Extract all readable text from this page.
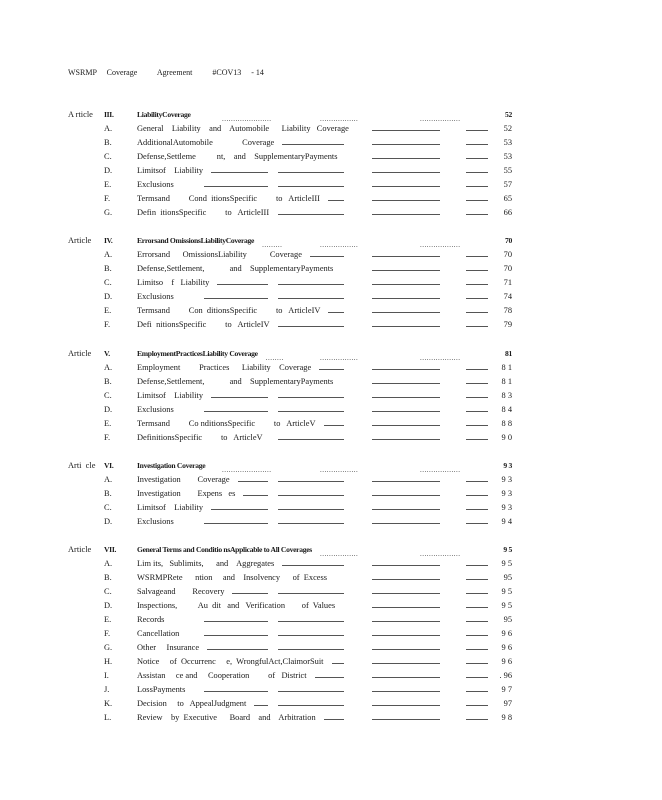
WSRMP     Coverage          Agreement          #COV13     - 14
A rticle III.	LiabilityCoverage	52
......................	.................	..................
A.	General    Liability    and    Automobile      Liability   Coverage	52
B.	AdditionalAutomobile              Coverage	53
C.	Defense,Settleme          nt,    and    SupplementaryPayments	53
D.	Limitsof    Liability	55
E.	Exclusions	57
F.	Termsand         Cond  itionsSpecific         to   ArticleIII	65
G.	Defin  itionsSpecific         to   ArticleIII	66
Article IV.	Errorsand OmissionsLiabilityCoverage	70
.........	.................	..................
A.	Errorsand      OmissionsLiability           Coverage	70
B.	Defense,Settlement,            and    SupplementaryPayments	70
C.	Limitso    f   Liability	71
D.	Exclusions	74
E.	Termsand         Con  ditionsSpecific         to   ArticleIV	78
F.	Defi  nitionsSpecific         to   ArticleIV	79
Article V.	EmploymentPracticesLiability Coverage	81
........	.................	..................
A.	Employment         Practices      Liability    Coverage	8 1
B.	Defense,Settlement,            and    SupplementaryPayments	8 1
C.	Limitsof    Liability	8 3
D.	Exclusions	8 4
E.	Termsand         Co nditionsSpecific         to   ArticleV	8 8
F.	DefinitionsSpecific         to   ArticleV	9 0
Arti  cle VI.	Investigation Coverage	9 3
......................	.................	..................
A.	Investigation        Coverage	9 3
B.	Investigation        Expens   es	9 3
C.	Limitsof    Liability	9 3
D.	Exclusions	9 4
Article VII.	General Terms and Conditio nsApplicable to All Coverages	9 5
.................	..................
A.	Lim its,   Sublimits,      and    Aggregates	9 5
B.	WSRMPRete      ntion     and    Insolvency      of  Excess	95
C.	Salvageand        Recovery	9 5
D.	Inspections,          Au  dit   and   Verification        of  Values	9 5
E.	Records	95
F.	Cancellation	9 6
G.	Other     Insurance	9 6
H.	Notice     of  Occurrenc     e,  WrongfulAct,ClaimorSuit	9 6
I.	Assistan     ce and     Cooperation         of   District	. 96
J.	LossPayments	9 7
K.	Decision     to   AppealJudgment	97
L.	Review    by  Executive      Board    and    Arbitration	9 8
